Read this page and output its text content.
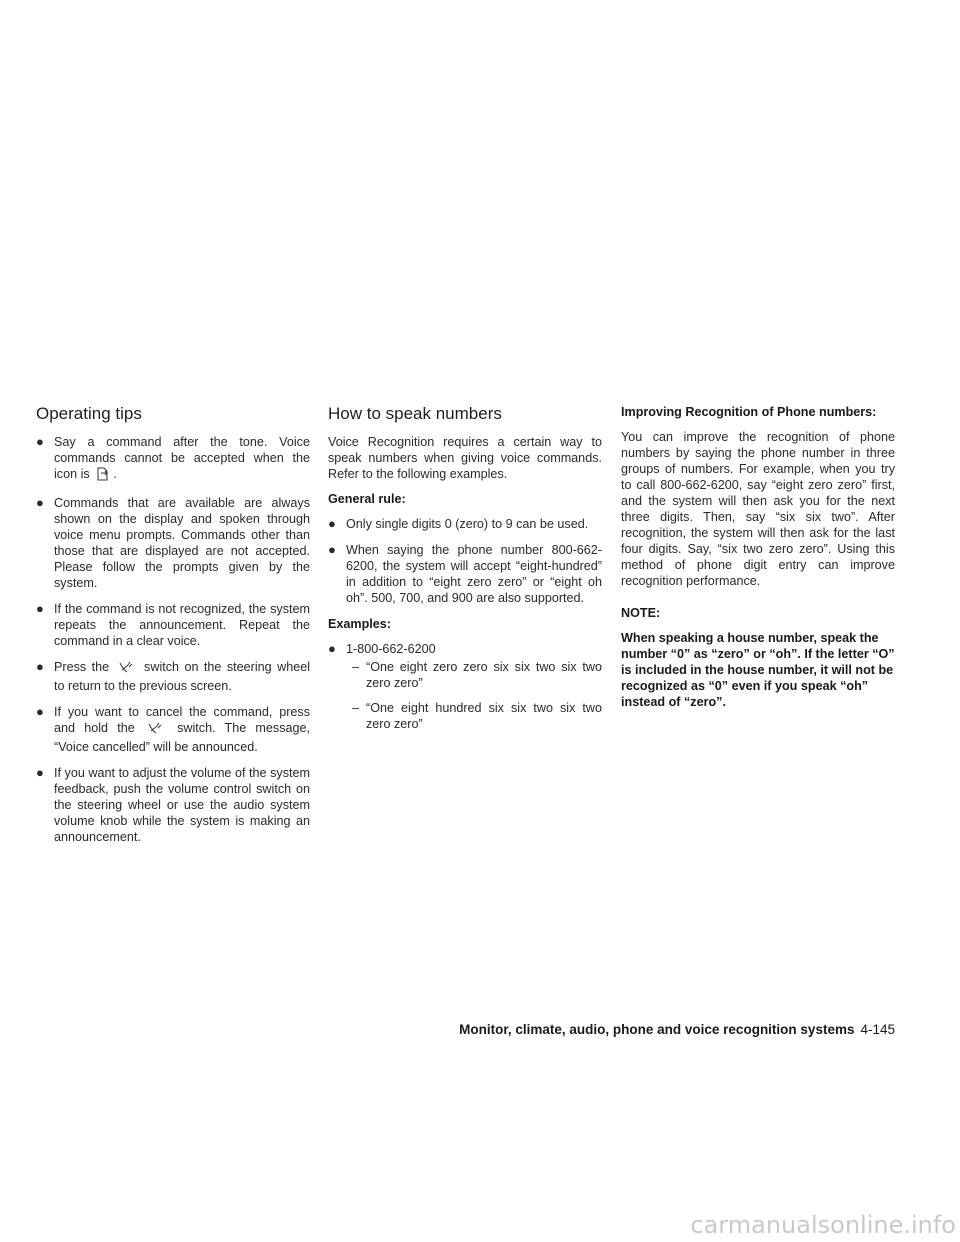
Operating tips
● Say a command after the tone. Voice commands cannot be accepted when the icon is .
● Commands that are available are always shown on the display and spoken through voice menu prompts. Commands other than those that are displayed are not accepted. Please follow the prompts given by the system.
● If the command is not recognized, the system repeats the announcement. Repeat the command in a clear voice.
● Press the	switch on the steering wheel to return to the previous screen.
● If you want to cancel the command, press and hold the	switch. The message, “Voice cancelled” will be announced.
● If you want to adjust the volume of the system feedback, push the volume control switch on the steering wheel or use the audio system volume knob while the system is making an announcement.
How to speak numbers

Voice Recognition requires a certain way to speak numbers when giving voice commands. Refer to the following examples.

General rule:

● Only single digits 0 (zero) to 9 can be used.
● When saying the phone number 800-662-6200, the system will accept “eight-hundred” in addition to “eight zero zero” or “eight oh oh”. 500, 700, and 900 are also supported.

Examples:

● 1-800-662-6200
– “One eight zero zero six six two six two zero zero”
– “One eight hundred six six two six two zero zero”

Improving Recognition of Phone numbers:

You can improve the recognition of phone numbers by saying the phone number in three groups of numbers. For example, when you try to call 800-662-6200, say “eight zero zero” first, and the system will then ask you for the next three digits. Then, say “six six two”. After recognition, the system will then ask for the last four digits. Say, “six two zero zero”. Using this method of phone digit entry can improve recognition performance.

NOTE:

When speaking a house number, speak the number “0” as “zero” or “oh”. If the letter “O” is included in the house number, it will not be recognized as “0” even if you speak “oh” instead of “zero”.

Monitor, climate, audio, phone and voice recognition systems 4-145
carmanualsonline.info
